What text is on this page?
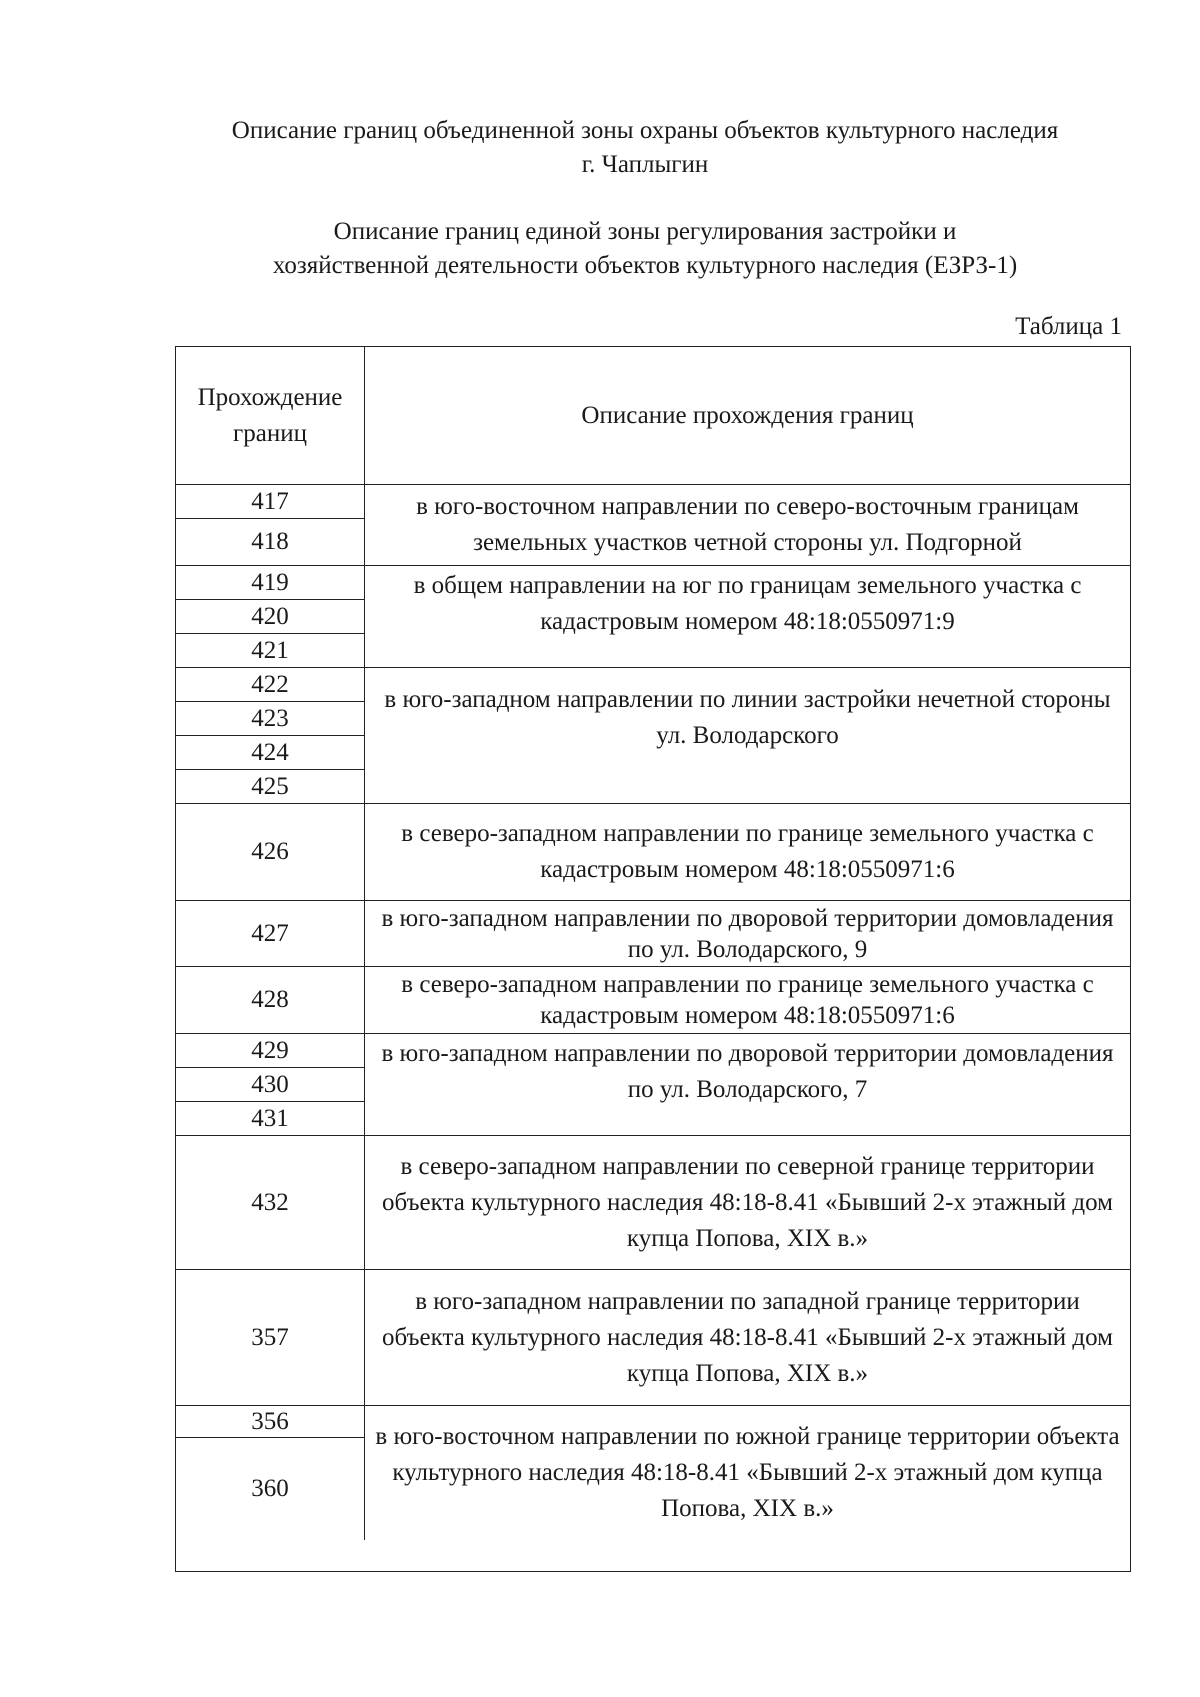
Описание границ объединенной зоны охраны объектов культурного наследия
г. Чаплыгин
Описание границ единой зоны регулирования застройки и
хозяйственной деятельности объектов культурного наследия (ЕЗРЗ-1)
Таблица 1
Прохождение
границ
Описание прохождения границ
417
418
в юго-восточном направлении по северо-восточным границам земельных участков четной стороны ул. Подгорной
419
420
421
в общем направлении на юг по границам земельного участка с кадастровым номером 48:18:0550971:9
422
423
424
425
в юго-западном направлении по линии застройки нечетной стороны ул. Володарского
426
в северо-западном направлении по границе земельного участка с кадастровым номером 48:18:0550971:6
427
в юго-западном направлении по дворовой территории домовладения по ул. Володарского, 9
428
в северо-западном направлении по границе земельного участка с кадастровым номером 48:18:0550971:6
429
430
431
в юго-западном направлении по дворовой территории домовладения по ул. Володарского, 7
432
в северо-западном направлении по северной границе территории объекта культурного наследия 48:18-8.41 «Бывший 2-х этажный дом купца Попова, XIX в.»
357
в юго-западном направлении по западной границе территории объекта культурного наследия 48:18-8.41 «Бывший 2-х этажный дом купца Попова, XIX в.»
356
360
в юго-восточном направлении по южной границе территории объекта культурного наследия 48:18-8.41 «Бывший 2-х этажный дом купца Попова, XIX в.»
